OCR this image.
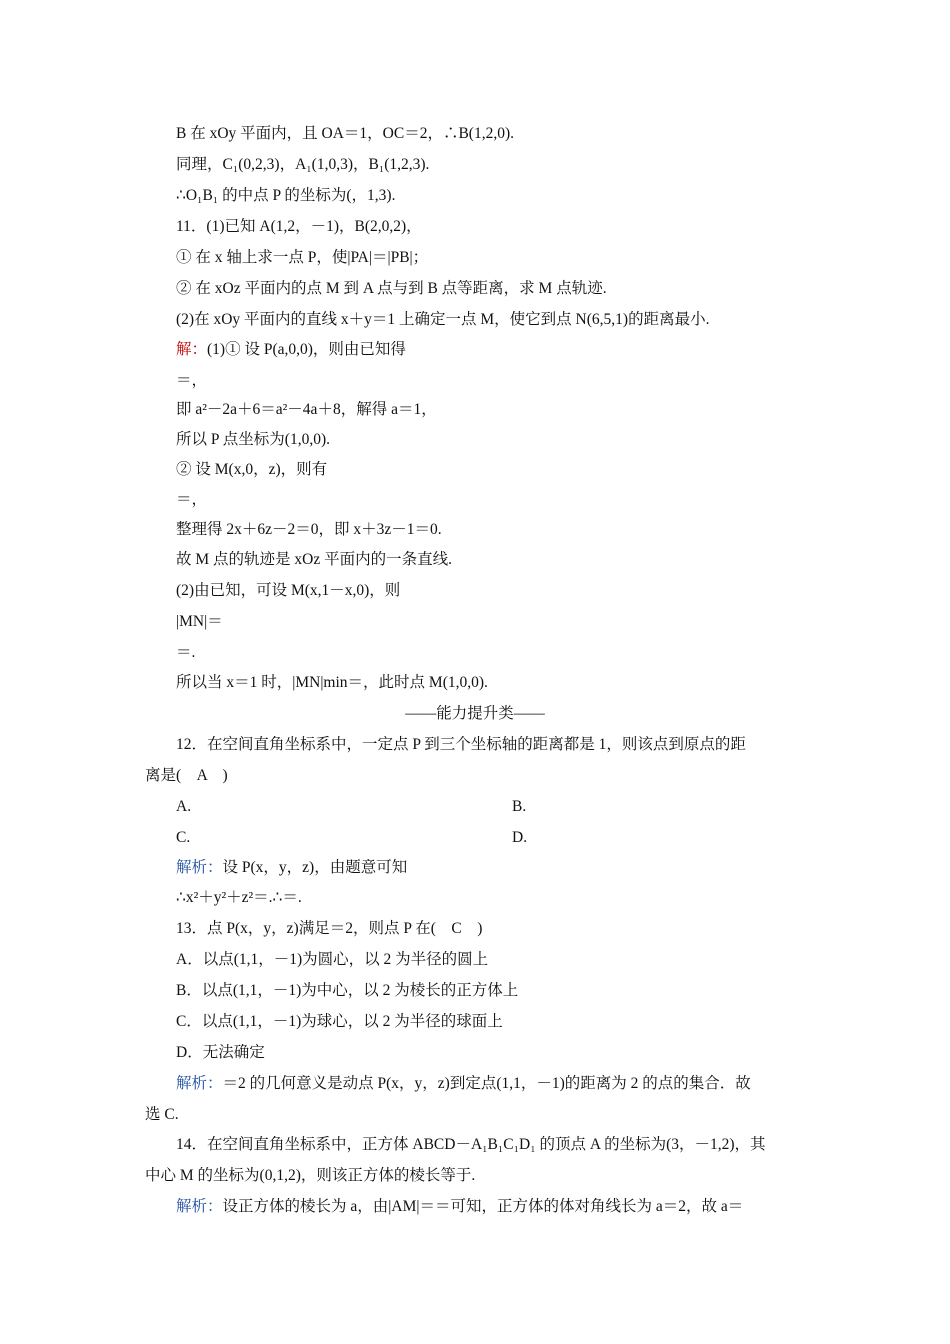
B 在 xOy 平面内，且 OA＝1，OC＝2，∴B(1,2,0).
同理，C₁(0,2,3)，A₁(1,0,3)，B₁(1,2,3).
∴O₁B₁ 的中点 P 的坐标为(，1,3).
11．(1)已知 A(1,2，－1)，B(2,0,2)，
① 在 x 轴上求一点 P，使|PA|＝|PB|；
② 在 xOz 平面内的点 M 到 A 点与到 B 点等距离，求 M 点轨迹.
(2)在 xOy 平面内的直线 x＋y＝1 上确定一点 M，使它到点 N(6,5,1)的距离最小.
解：(1)① 设 P(a,0,0)，则由已知得
＝，
即 a²－2a＋6＝a²－4a＋8，解得 a＝1，
所以 P 点坐标为(1,0,0).
② 设 M(x,0，z)，则有
＝，
整理得 2x＋6z－2＝0，即 x＋3z－1＝0.
故 M 点的轨迹是 xOz 平面内的一条直线.
(2)由已知，可设 M(x,1－x,0)，则
|MN|＝
＝.
所以当 x＝1 时，|MN|min＝，此时点 M(1,0,0).
——能力提升类——
12．在空间直角坐标系中，一定点 P 到三个坐标轴的距离都是 1，则该点到原点的距
离是(　A　)
A.	B.
C.	D.
解析：设 P(x，y，z)，由题意可知
∴x²＋y²＋z²＝.∴＝.
13．点 P(x，y，z)满足＝2，则点 P 在(　C　)
A．以点(1,1，－1)为圆心，以 2 为半径的圆上
B．以点(1,1，－1)为中心，以 2 为棱长的正方体上
C．以点(1,1，－1)为球心，以 2 为半径的球面上
D．无法确定
解析：＝2 的几何意义是动点 P(x，y，z)到定点(1,1，－1)的距离为 2 的点的集合．故
选 C.
14．在空间直角坐标系中，正方体 ABCD－A₁B₁C₁D₁ 的顶点 A 的坐标为(3，－1,2)，其
中心 M 的坐标为(0,1,2)，则该正方体的棱长等于.
解析：设正方体的棱长为 a，由|AM|＝＝可知，正方体的体对角线长为 a＝2，故 a＝
